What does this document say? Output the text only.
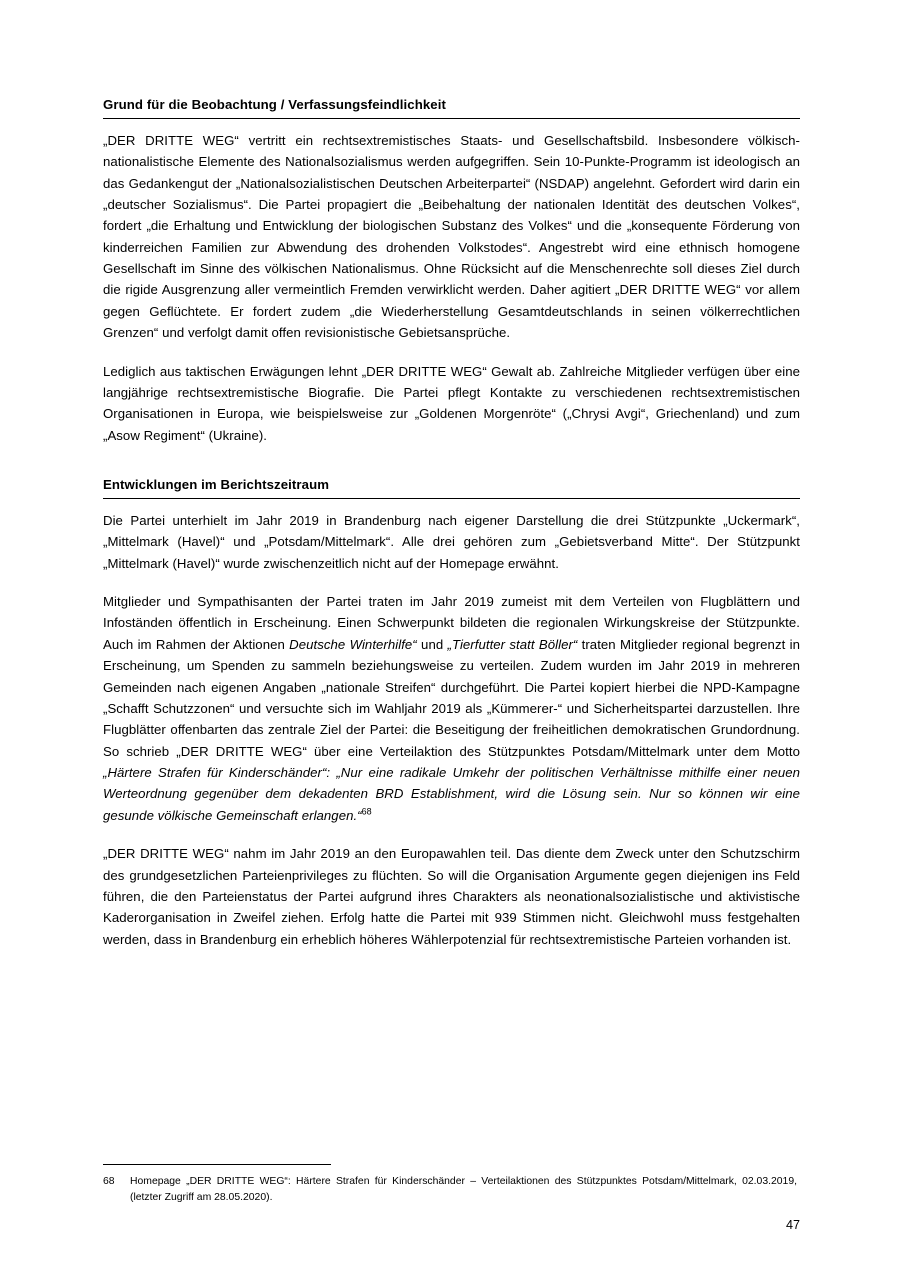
Grund für die Beobachtung / Verfassungsfeindlichkeit

„DER DRITTE WEG“ vertritt ein rechtsextremistisches Staats- und Gesellschaftsbild. Insbesondere völkisch-nationalistische Elemente des Nationalsozialismus werden aufgegriffen. Sein 10-Punkte-Programm ist ideologisch an das Gedankengut der „Nationalsozialistischen Deutschen Arbeiterpartei“ (NSDAP) angelehnt. Gefordert wird darin ein „deutscher Sozialismus“. Die Partei propagiert die „Beibehaltung der nationalen Identität des deutschen Volkes“, fordert „die Erhaltung und Entwicklung der biologischen Substanz des Volkes“ und die „konsequente Förderung von kinderreichen Familien zur Abwendung des drohenden Volkstodes“. Angestrebt wird eine ethnisch homogene Gesellschaft im Sinne des völkischen Nationalismus. Ohne Rücksicht auf die Menschenrechte soll dieses Ziel durch die rigide Ausgrenzung aller vermeintlich Fremden verwirklicht werden. Daher agitiert „DER DRITTE WEG“ vor allem gegen Geflüchtete. Er fordert zudem „die Wiederherstellung Gesamtdeutschlands in seinen völkerrechtlichen Grenzen“ und verfolgt damit offen revisionistische Gebietsansprüche.

Lediglich aus taktischen Erwägungen lehnt „DER DRITTE WEG“ Gewalt ab. Zahlreiche Mitglieder verfügen über eine langjährige rechtsextremistische Biografie. Die Partei pflegt Kontakte zu verschiedenen rechtsextremistischen Organisationen in Europa, wie beispielsweise zur „Goldenen Morgenröte“ („Chrysi Avgi“, Griechenland) und zum „Asow Regiment“ (Ukraine).

Entwicklungen im Berichtszeitraum

Die Partei unterhielt im Jahr 2019 in Brandenburg nach eigener Darstellung die drei Stützpunkte „Uckermark“, „Mittelmark (Havel)“ und „Potsdam/Mittelmark“. Alle drei gehören zum „Gebietsverband Mitte“. Der Stützpunkt „Mittelmark (Havel)“ wurde zwischenzeitlich nicht auf der Homepage erwähnt.

Mitglieder und Sympathisanten der Partei traten im Jahr 2019 zumeist mit dem Verteilen von Flugblättern und Infoständen öffentlich in Erscheinung. Einen Schwerpunkt bildeten die regionalen Wirkungskreise der Stützpunkte. Auch im Rahmen der Aktionen Deutsche Winterhilfe“ und „Tierfutter statt Böller“ traten Mitglieder regional begrenzt in Erscheinung, um Spenden zu sammeln beziehungsweise zu verteilen. Zudem wurden im Jahr 2019 in mehreren Gemeinden nach eigenen Angaben „nationale Streifen“ durchgeführt. Die Partei kopiert hierbei die NPD-Kampagne „Schafft Schutzzonen“ und versuchte sich im Wahljahr 2019 als „Kümmerer-“ und Sicherheitspartei darzustellen. Ihre Flugblätter offenbarten das zentrale Ziel der Partei: die Beseitigung der freiheitlichen demokratischen Grundordnung. So schrieb „DER DRITTE WEG“ über eine Verteilaktion des Stützpunktes Potsdam/Mittelmark unter dem Motto „Härtere Strafen für Kinderschänder“: „Nur eine radikale Umkehr der politischen Verhältnisse mithilfe einer neuen Werteordnung gegenüber dem dekadenten BRD Establishment, wird die Lösung sein. Nur so können wir eine gesunde völkische Gemeinschaft erlangen.“$^{68}$

„DER DRITTE WEG“ nahm im Jahr 2019 an den Europawahlen teil. Das diente dem Zweck unter den Schutzschirm des grundgesetzlichen Parteienprivileges zu flüchten. So will die Organisation Argumente gegen diejenigen ins Feld führen, die den Parteienstatus der Partei aufgrund ihres Charakters als neonationalsozialistische und aktivistische Kaderorganisation in Zweifel ziehen. Erfolg hatte die Partei mit 939 Stimmen nicht. Gleichwohl muss festgehalten werden, dass in Brandenburg ein erheblich höheres Wählerpotenzial für rechtsextremistische Parteien vorhanden ist.

68	Homepage „DER DRITTE WEG“: Härtere Strafen für Kinderschänder – Verteilaktionen des Stützpunktes Potsdam/Mittelmark, 02.03.2019, (letzter Zugriff am 28.05.2020).
47
